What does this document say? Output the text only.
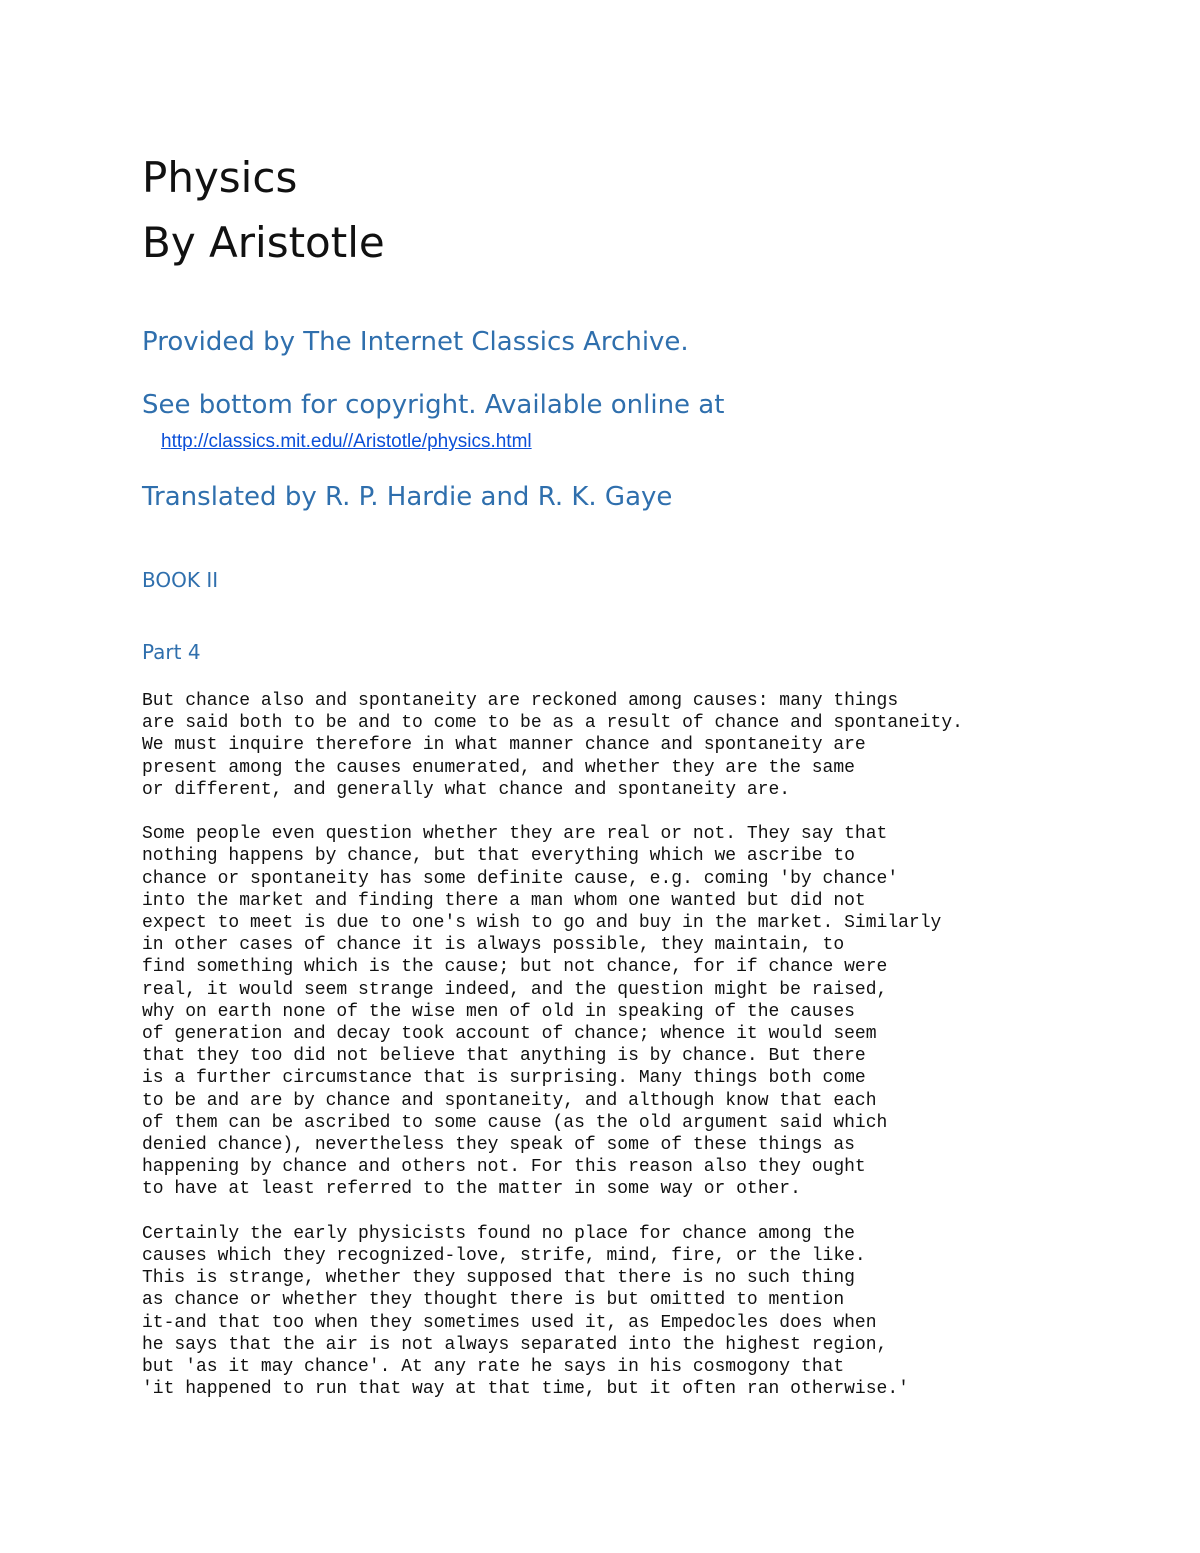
Physics
By Aristotle

Provided by The Internet Classics Archive.

See bottom for copyright. Available online at

http://classics.mit.edu//Aristotle/physics.html

Translated by R. P. Hardie and R. K. Gaye

BOOK II

Part 4

But chance also and spontaneity are reckoned among causes: many things
are said both to be and to come to be as a result of chance and spontaneity.
We must inquire therefore in what manner chance and spontaneity are
present among the causes enumerated, and whether they are the same
or different, and generally what chance and spontaneity are.

Some people even question whether they are real or not. They say that
nothing happens by chance, but that everything which we ascribe to
chance or spontaneity has some definite cause, e.g. coming 'by chance'
into the market and finding there a man whom one wanted but did not
expect to meet is due to one's wish to go and buy in the market. Similarly
in other cases of chance it is always possible, they maintain, to
find something which is the cause; but not chance, for if chance were
real, it would seem strange indeed, and the question might be raised,
why on earth none of the wise men of old in speaking of the causes
of generation and decay took account of chance; whence it would seem
that they too did not believe that anything is by chance. But there
is a further circumstance that is surprising. Many things both come
to be and are by chance and spontaneity, and although know that each
of them can be ascribed to some cause (as the old argument said which
denied chance), nevertheless they speak of some of these things as
happening by chance and others not. For this reason also they ought
to have at least referred to the matter in some way or other.

Certainly the early physicists found no place for chance among the
causes which they recognized-love, strife, mind, fire, or the like.
This is strange, whether they supposed that there is no such thing
as chance or whether they thought there is but omitted to mention
it-and that too when they sometimes used it, as Empedocles does when
he says that the air is not always separated into the highest region,
but 'as it may chance'. At any rate he says in his cosmogony that
'it happened to run that way at that time, but it often ran otherwise.'
